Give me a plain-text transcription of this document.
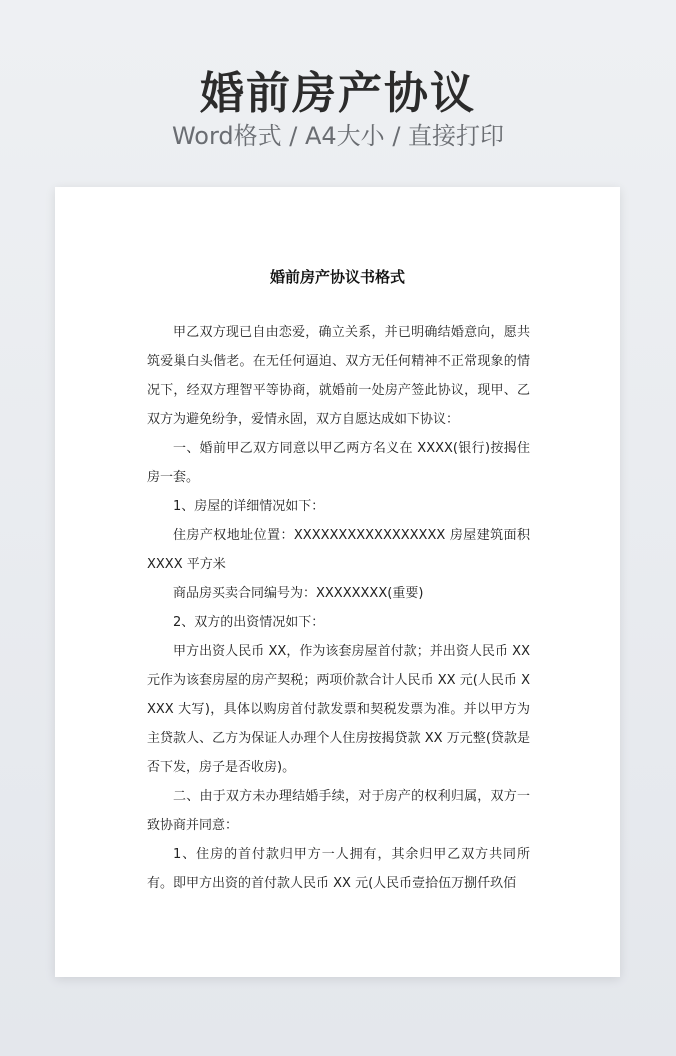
婚前房产协议
Word格式 / A4大小 / 直接打印
婚前房产协议书格式

甲乙双方现已自由恋爱，确立关系，并已明确结婚意向，愿共筑爱巢白头偕老。在无任何逼迫、双方无任何精神不正常现象的情况下，经双方理智平等协商，就婚前一处房产签此协议，现甲、乙双方为避免纷争，爱情永固，双方自愿达成如下协议：

一、婚前甲乙双方同意以甲乙两方名义在 XXXX(银行)按揭住房一套。

1、房屋的详细情况如下：

住房产权地址位置：XXXXXXXXXXXXXXXXX 房屋建筑面积 XXXX 平方米

商品房买卖合同编号为：XXXXXXXX(重要)

2、双方的出资情况如下：

甲方出资人民币 XX，作为该套房屋首付款；并出资人民币 XX 元作为该套房屋的房产契税；两项价款合计人民币 XX 元(人民币 XXXX 大写)，具体以购房首付款发票和契税发票为准。并以甲方为主贷款人、乙方为保证人办理个人住房按揭贷款 XX 万元整(贷款是否下发，房子是否收房)。

二、由于双方未办理结婚手续，对于房产的权利归属，双方一致协商并同意：

1、住房的首付款归甲方一人拥有，其余归甲乙双方共同所有。即甲方出资的首付款人民币 XX 元(人民币壹拾伍万捌仟玖佰
